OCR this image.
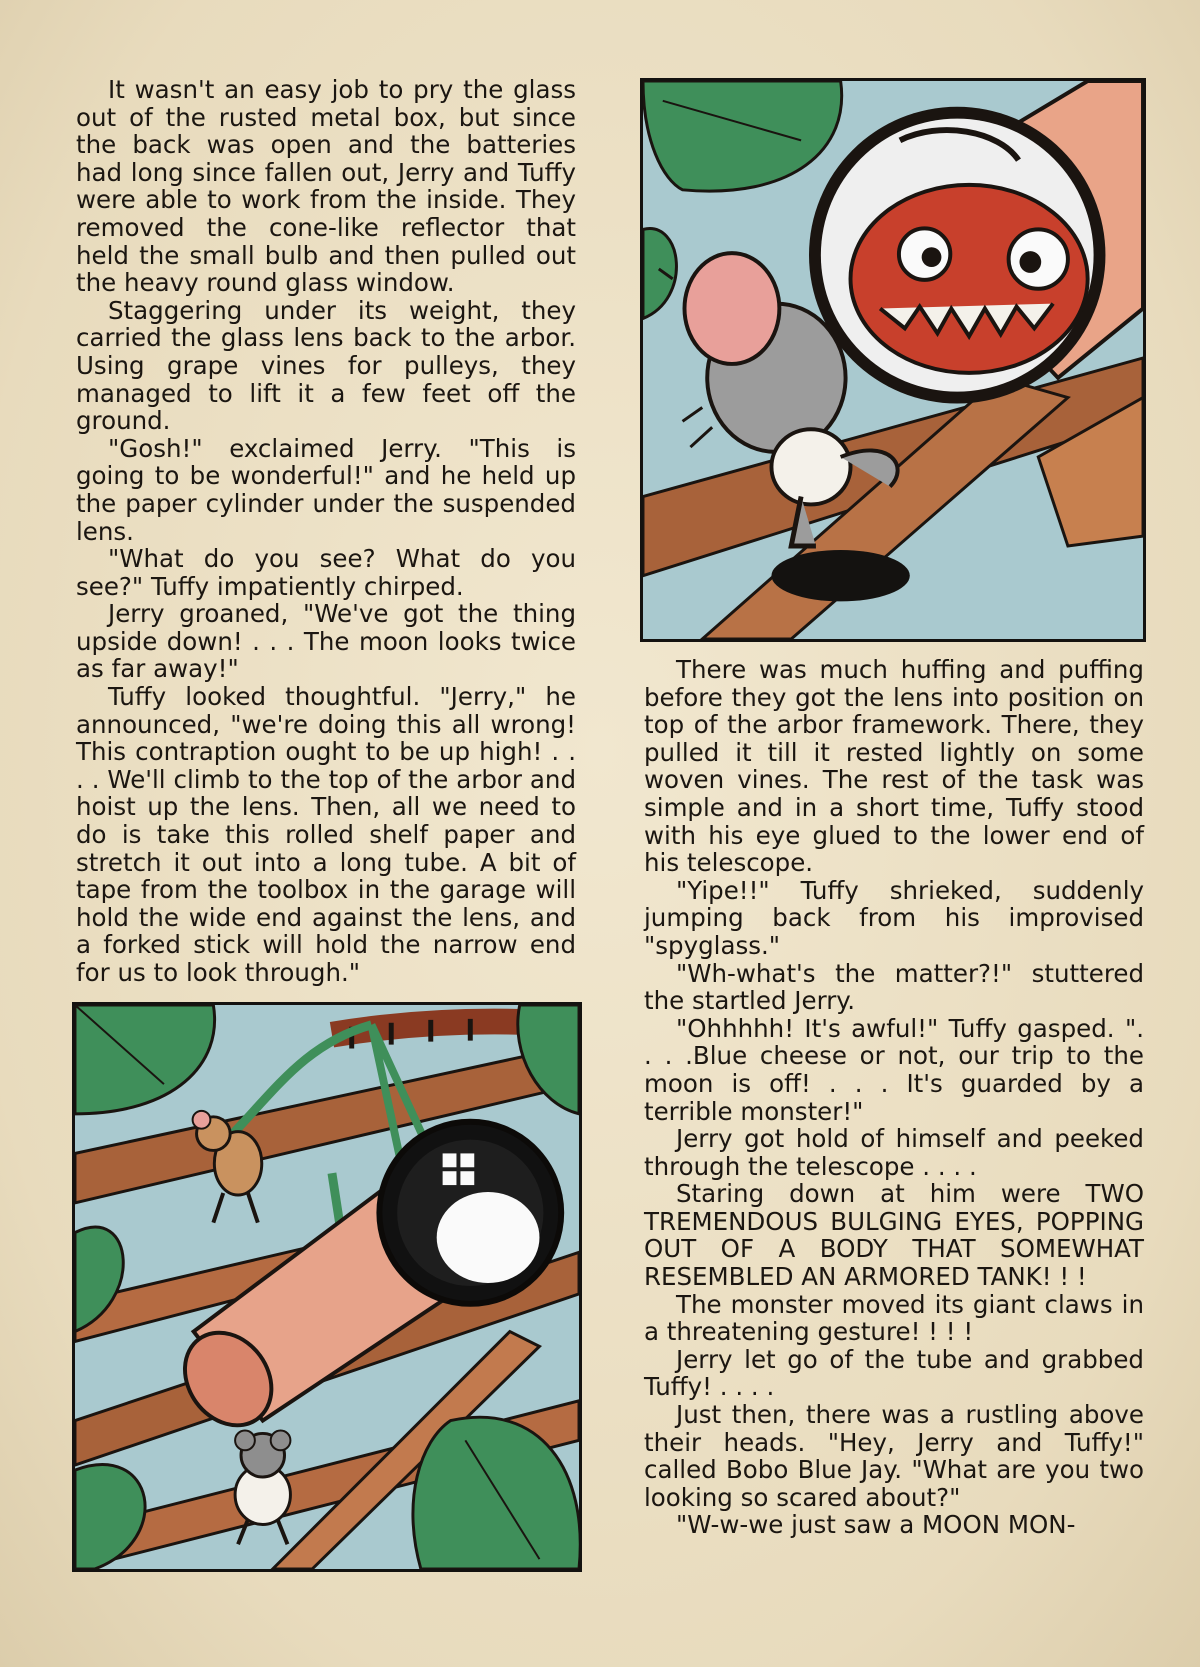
It wasn't an easy job to pry the glass out of the rusted metal box, but since the back was open and the batteries had long since fallen out, Jerry and Tuffy were able to work from the inside. They removed the cone-like reflector that held the small bulb and then pulled out the heavy round glass window.

Staggering under its weight, they carried the glass lens back to the arbor. Using grape vines for pulleys, they managed to lift it a few feet off the ground.

"Gosh!" exclaimed Jerry. "This is going to be wonderful!" and he held up the paper cylinder under the suspended lens.

"What do you see? What do you see?" Tuffy impatiently chirped.

Jerry groaned, "We've got the thing upside down! . . . The moon looks twice as far away!"

Tuffy looked thoughtful. "Jerry," he announced, "we're doing this all wrong! This contraption ought to be up high! . . . . We'll climb to the top of the arbor and hoist up the lens. Then, all we need to do is take this rolled shelf paper and stretch it out into a long tube. A bit of tape from the toolbox in the garage will hold the wide end against the lens, and a forked stick will hold the narrow end for us to look through."

There was much huffing and puffing before they got the lens into position on top of the arbor framework. There, they pulled it till it rested lightly on some woven vines. The rest of the task was simple and in a short time, Tuffy stood with his eye glued to the lower end of his telescope.

"Yipe!!" Tuffy shrieked, suddenly jumping back from his improvised "spyglass."

"Wh-what's the matter?!" stuttered the startled Jerry.

"Ohhhhh! It's awful!" Tuffy gasped. ". . . .Blue cheese or not, our trip to the moon is off! . . . It's guarded by a terrible monster!"

Jerry got hold of himself and peeked through the telescope . . . .

Staring down at him were TWO TREMENDOUS BULGING EYES, POPPING OUT OF A BODY THAT SOMEWHAT RESEMBLED AN ARMORED TANK! ! !

The monster moved its giant claws in a threatening gesture! ! ! !

Jerry let go of the tube and grabbed Tuffy! . . . .

Just then, there was a rustling above their heads. "Hey, Jerry and Tuffy!" called Bobo Blue Jay. "What are you two looking so scared about?"

"W-w-we just saw a MOON MON-
